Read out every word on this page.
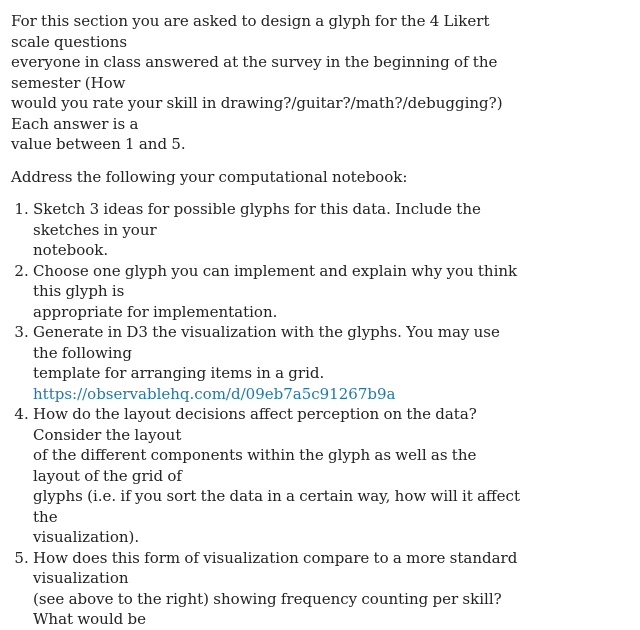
For this section you are asked to design a glyph for the 4 Likert scale questions
everyone in class answered at the survey in the beginning of the semester (How
would you rate your skill in drawing?/guitar?/math?/debugging?) Each answer is a
value between 1 and 5.

Address the following your computational notebook:

1. Sketch 3 ideas for possible glyphs for this data. Include the sketches in your
notebook.
2. Choose one glyph you can implement and explain why you think this glyph is
appropriate for implementation.
3. Generate in D3 the visualization with the glyphs. You may use the following
template for arranging items in a grid.
https://observablehq.com/d/09eb7a5c91267b9a
4. How do the layout decisions affect perception on the data? Consider the layout
of the different components within the glyph as well as the layout of the grid of
glyphs (i.e. if you sort the data in a certain way, how will it affect the
visualization).
5. How does this form of visualization compare to a more standard visualization
(see above to the right) showing frequency counting per skill? What would be
